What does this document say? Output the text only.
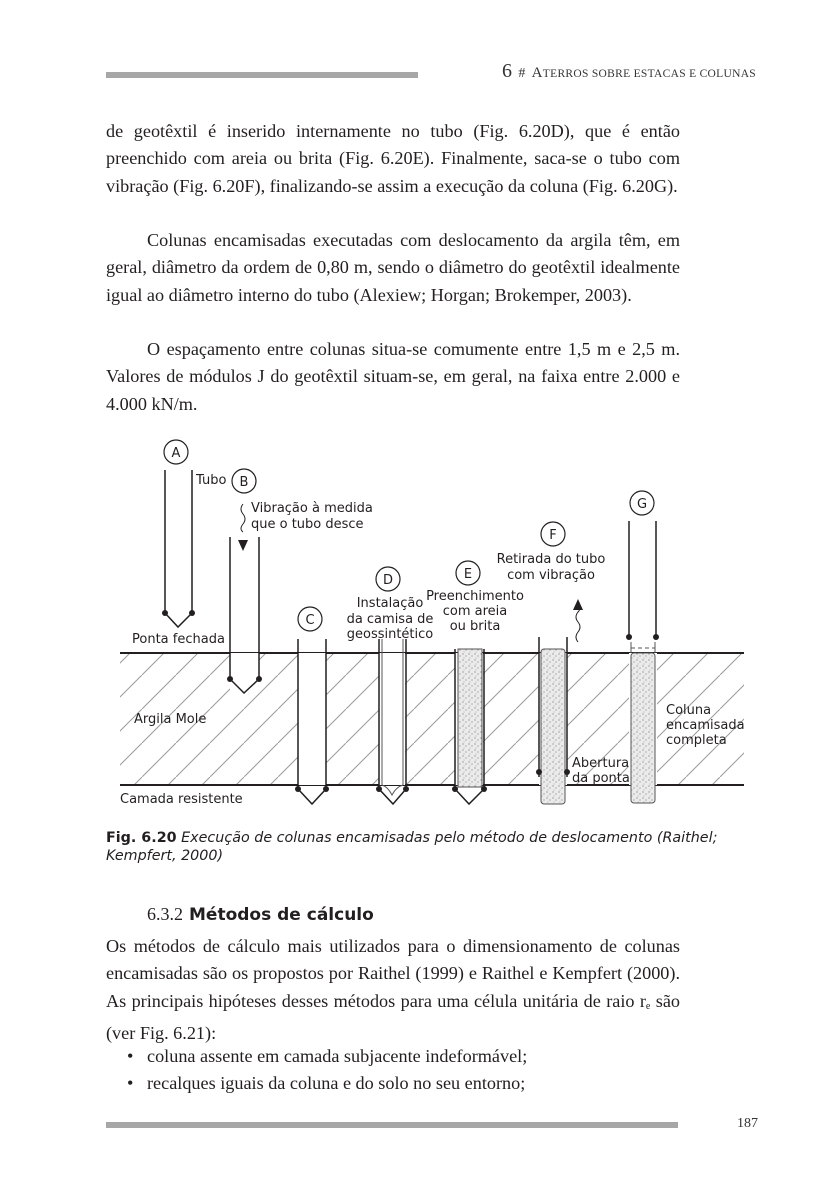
6 # ATERROS SOBRE ESTACAS E COLUNAS

de geotêxtil é inserido internamente no tubo (Fig. 6.20D), que é então preenchido com areia ou brita (Fig. 6.20E). Finalmente, saca-se o tubo com vibração (Fig. 6.20F), finalizando-se assim a execução da coluna (Fig. 6.20G).

Colunas encamisadas executadas com deslocamento da argila têm, em geral, diâmetro da ordem de 0,80 m, sendo o diâmetro do geotêxtil idealmente igual ao diâmetro interno do tubo (Alexiew; Horgan; Brokemper, 2003).

O espaçamento entre colunas situa-se comumente entre 1,5 m e 2,5 m. Valores de módulos J do geotêxtil situam-se, em geral, na faixa entre 2.000 e 4.000 kN/m.

A
Tubo
Ponta fechada
B
Vibração à medida
que o tubo desce
C
D
Instalação
da camisa de
geossintético
E
Preenchimento
com areia
ou brita
F
Retirada do tubo
com vibração
Abertura
da ponta
G
Coluna
encamisada
completa
Argila Mole
Camada resistente
Fig. 6.20 Execução de colunas encamisadas pelo método de deslocamento (Raithel; Kempfert, 2000)
6.3.2 Métodos de cálculo

Os métodos de cálculo mais utilizados para o dimensionamento de colunas encamisadas são os propostos por Raithel (1999) e Raithel e Kempfert (2000). As principais hipóteses desses métodos para uma célula unitária de raio $r_e$ são (ver Fig. 6.21):

• coluna assente em camada subjacente indeformável;
• recalques iguais da coluna e do solo no seu entorno;
187
